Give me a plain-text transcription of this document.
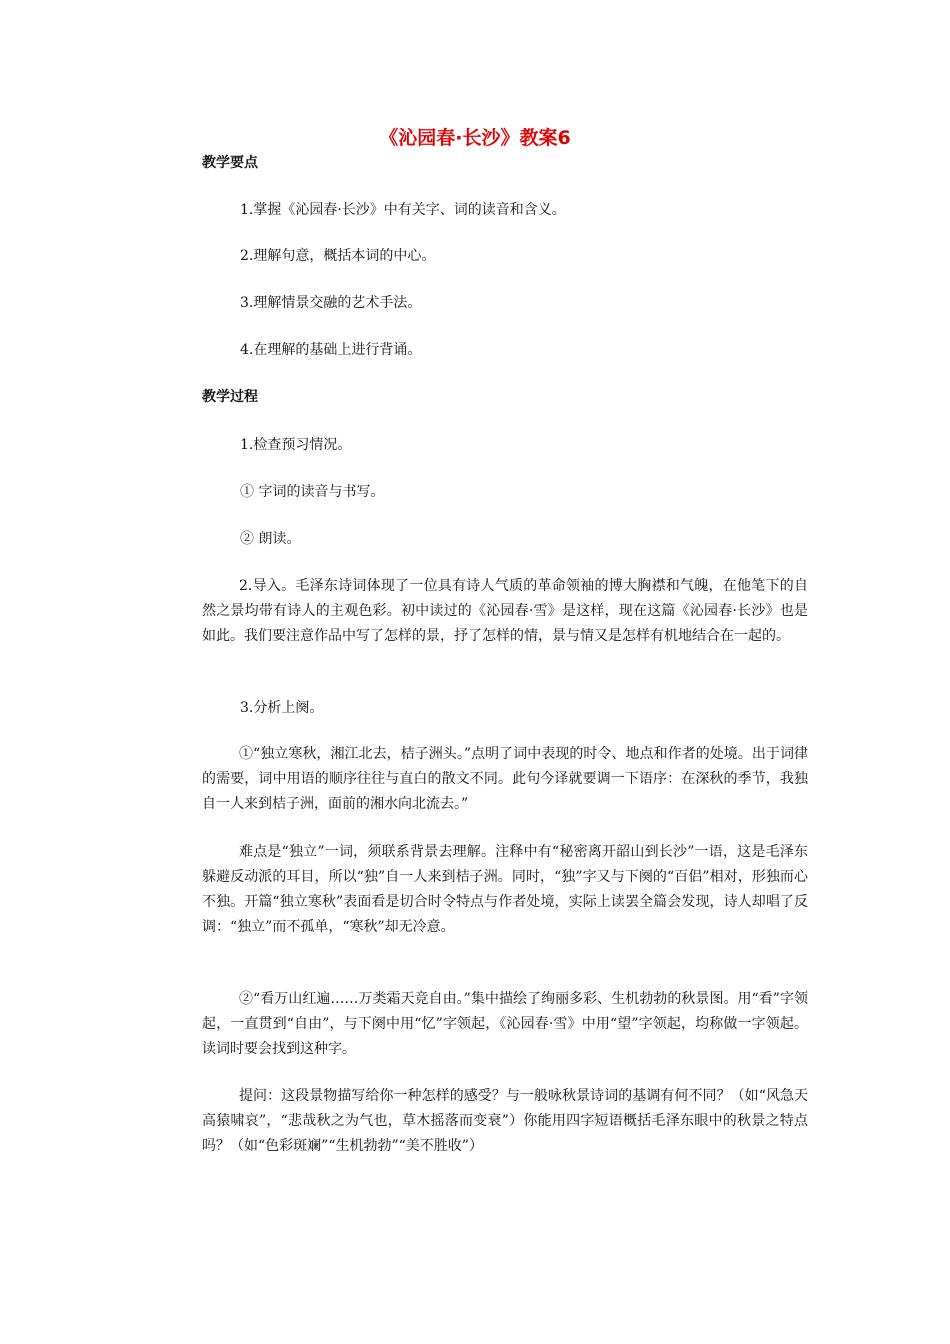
《沁园春·长沙》教案6
教学要点
1.掌握《沁园春·长沙》中有关字、词的读音和含义。
2.理解句意，概括本词的中心。
3.理解情景交融的艺术手法。
4.在理解的基础上进行背诵。
教学过程
1.检查预习情况。
① 字词的读音与书写。
② 朗读。
2.导入。毛泽东诗词体现了一位具有诗人气质的革命领袖的博大胸襟和气魄，在他笔下的自然之景均带有诗人的主观色彩。初中读过的《沁园春·雪》是这样，现在这篇《沁园春·长沙》也是如此。我们要注意作品中写了怎样的景，抒了怎样的情，景与情又是怎样有机地结合在一起的。
3.分析上阕。
①“独立寒秋，湘江北去，桔子洲头。”点明了词中表现的时令、地点和作者的处境。出于词律的需要，词中用语的顺序往往与直白的散文不同。此句今译就要调一下语序：在深秋的季节，我独自一人来到桔子洲，面前的湘水向北流去。”
难点是“独立”一词，须联系背景去理解。注释中有“秘密离开韶山到长沙”一语，这是毛泽东躲避反动派的耳目，所以“独”自一人来到桔子洲。同时，“独”字又与下阕的“百侣”相对，形独而心不独。开篇“独立寒秋”表面看是切合时令特点与作者处境，实际上读罢全篇会发现，诗人却唱了反调：“独立”而不孤单，“寒秋”却无冷意。
②“看万山红遍……万类霜天竞自由。”集中描绘了绚丽多彩、生机勃勃的秋景图。用“看”字领起，一直贯到“自由”，与下阕中用“忆”字领起，《沁园春·雪》中用“望”字领起，均称做一字领起。读词时要会找到这种字。
提问：这段景物描写给你一种怎样的感受？与一般咏秋景诗词的基调有何不同？（如“风急天高猿啸哀”，“悲哉秋之为气也，草木摇落而变衰”）你能用四字短语概括毛泽东眼中的秋景之特点吗？（如“色彩斑斓”“生机勃勃”“美不胜收”）
